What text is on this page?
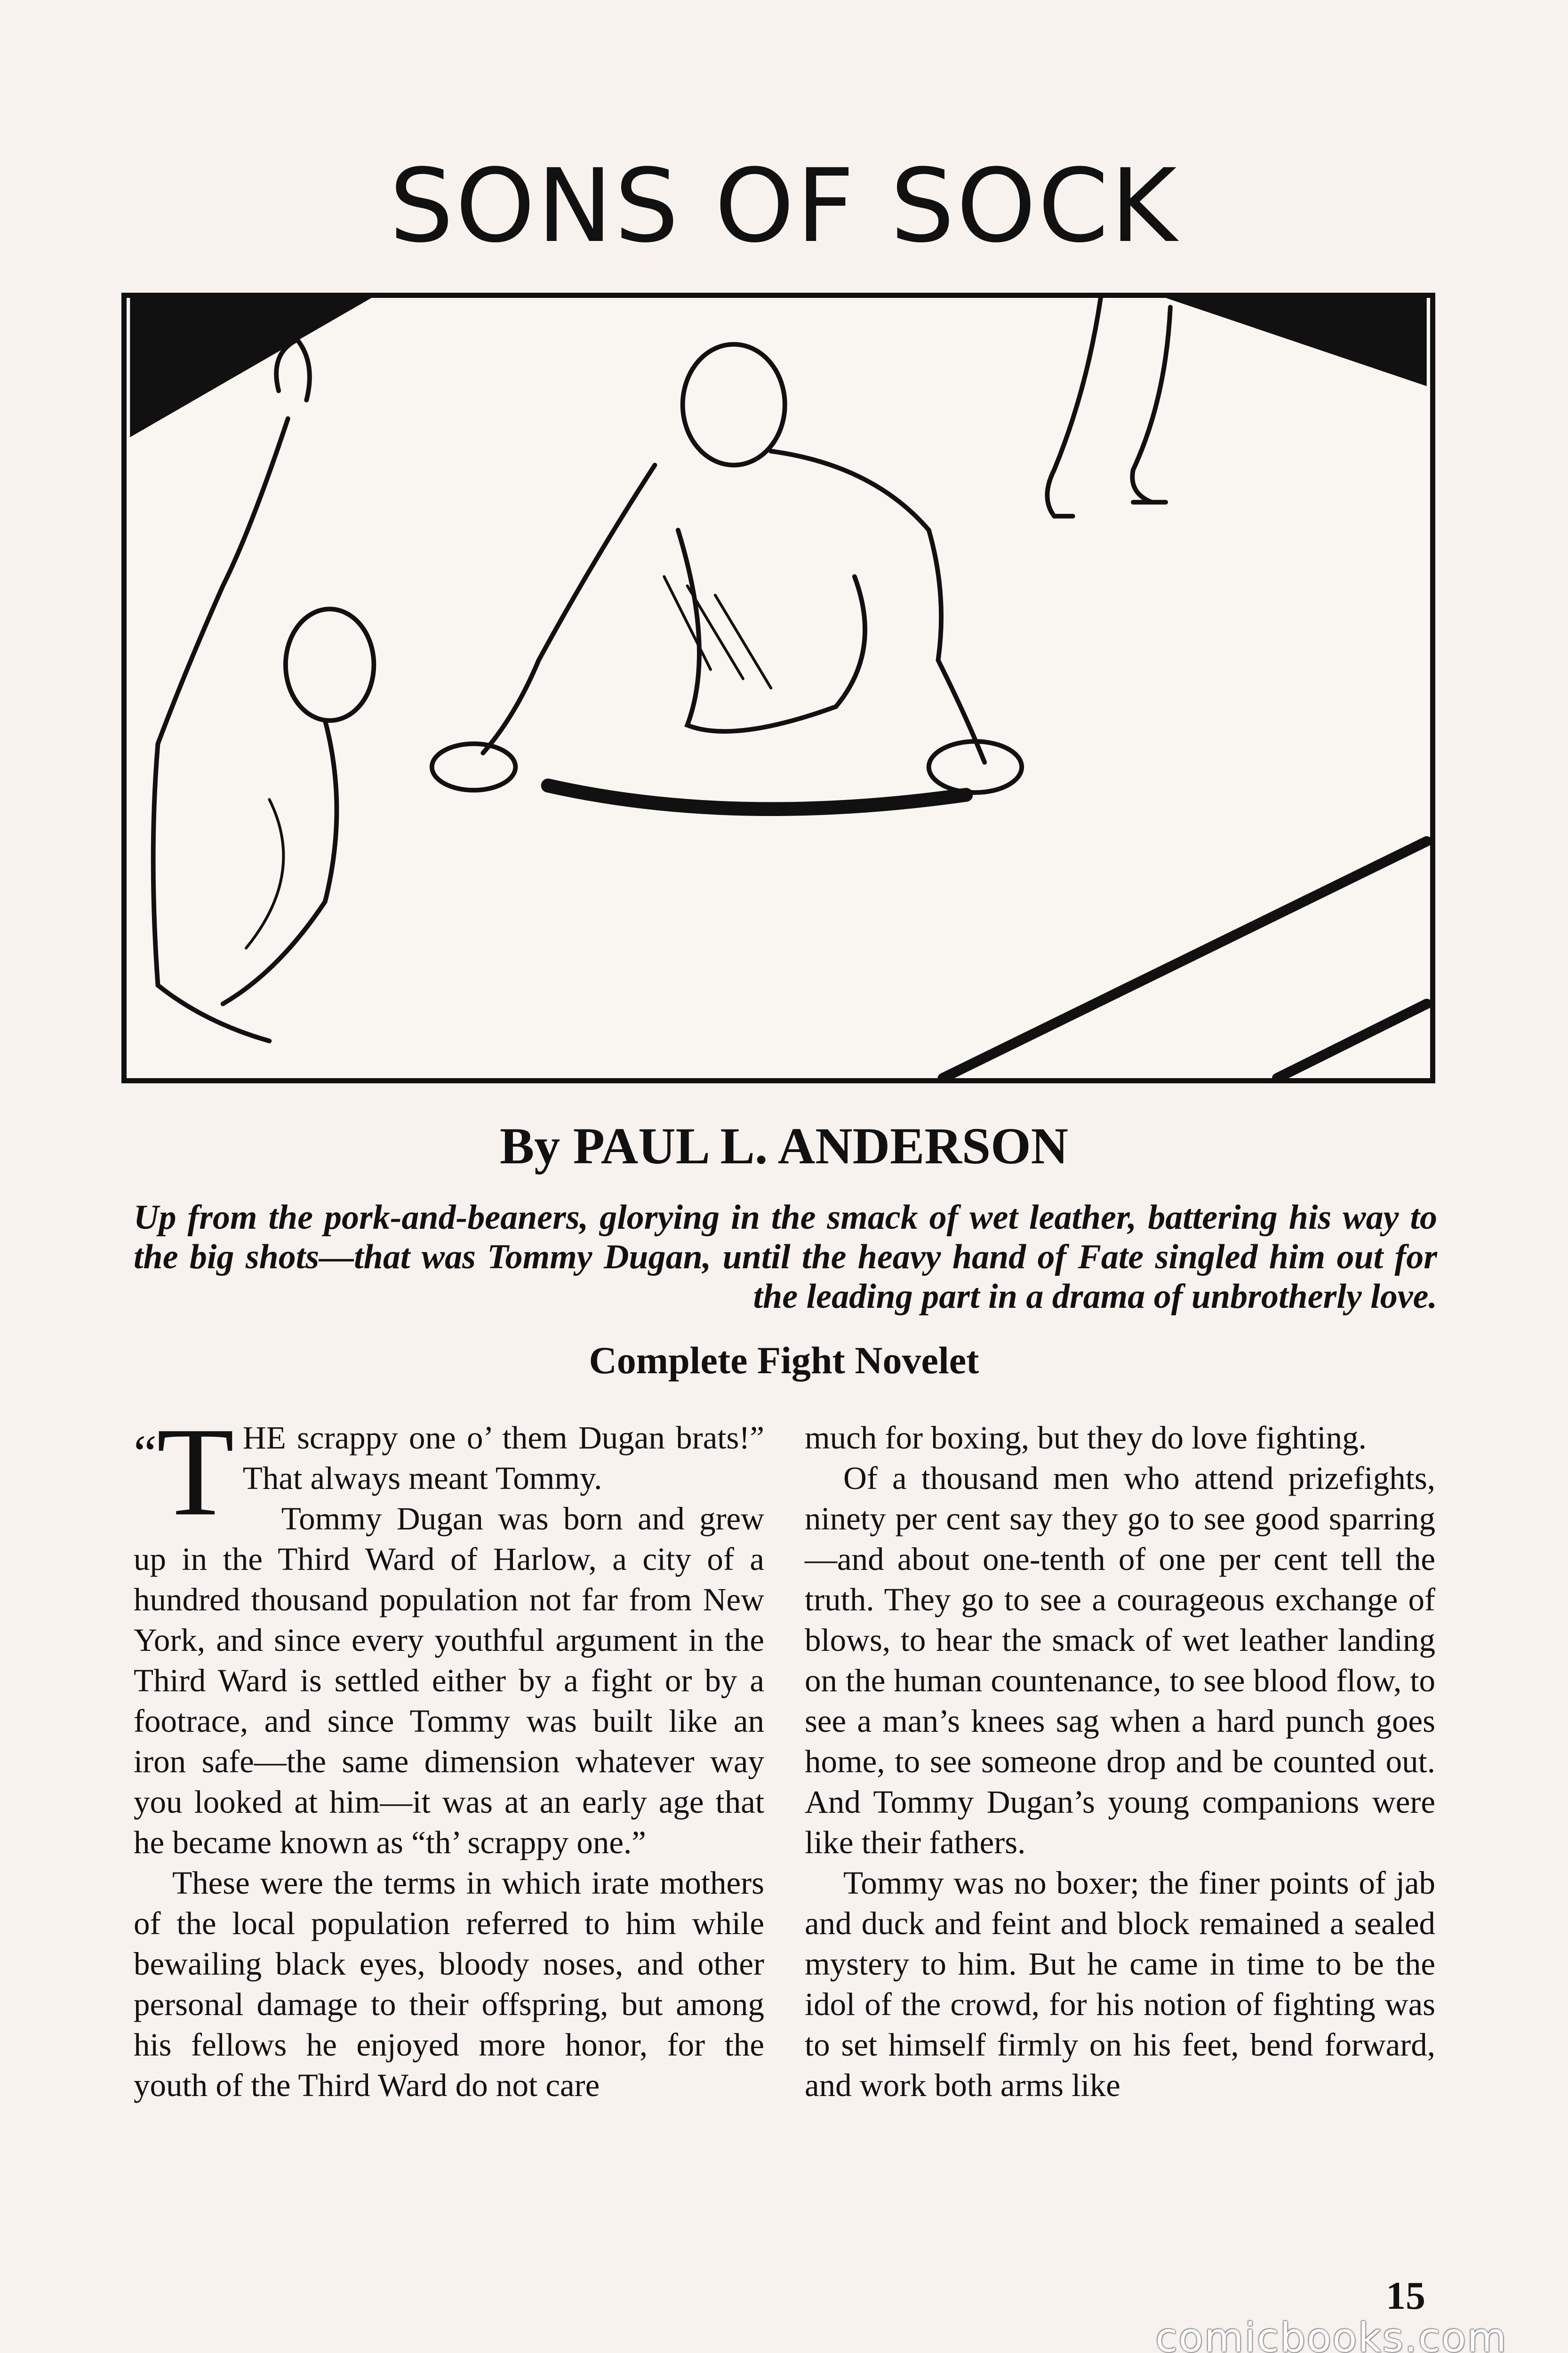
SONS OF SOCK
By PAUL L. ANDERSON
Up from the pork-and-beaners, glorying in the smack of wet leather, battering his way to the big shots—that was Tommy Dugan, until the heavy hand of Fate singled him out for the leading part in a drama of unbrotherly love.
Complete Fight Novelet

“T HE scrappy one o’ them Dugan brats!” That always meant Tommy.

Tommy Dugan was born and grew up in the Third Ward of Harlow, a city of a hundred thousand population not far from New York, and since every youthful argument in the Third Ward is settled either by a fight or by a footrace, and since Tommy was built like an iron safe—the same dimension whatever way you looked at him—it was at an early age that he became known as “th’ scrappy one.”

These were the terms in which irate mothers of the local population referred to him while bewailing black eyes, bloody noses, and other personal damage to their offspring, but among his fellows he enjoyed more honor, for the youth of the Third Ward do not care

much for boxing, but they do love fighting.

Of a thousand men who attend prizefights, ninety per cent say they go to see good sparring—and about one-tenth of one per cent tell the truth. They go to see a courageous exchange of blows, to hear the smack of wet leather landing on the human countenance, to see blood flow, to see a man’s knees sag when a hard punch goes home, to see someone drop and be counted out. And Tommy Dugan’s young companions were like their fathers.

Tommy was no boxer; the finer points of jab and duck and feint and block remained a sealed mystery to him. But he came in time to be the idol of the crowd, for his notion of fighting was to set himself firmly on his feet, bend forward, and work both arms like

15
comicbooks.com
